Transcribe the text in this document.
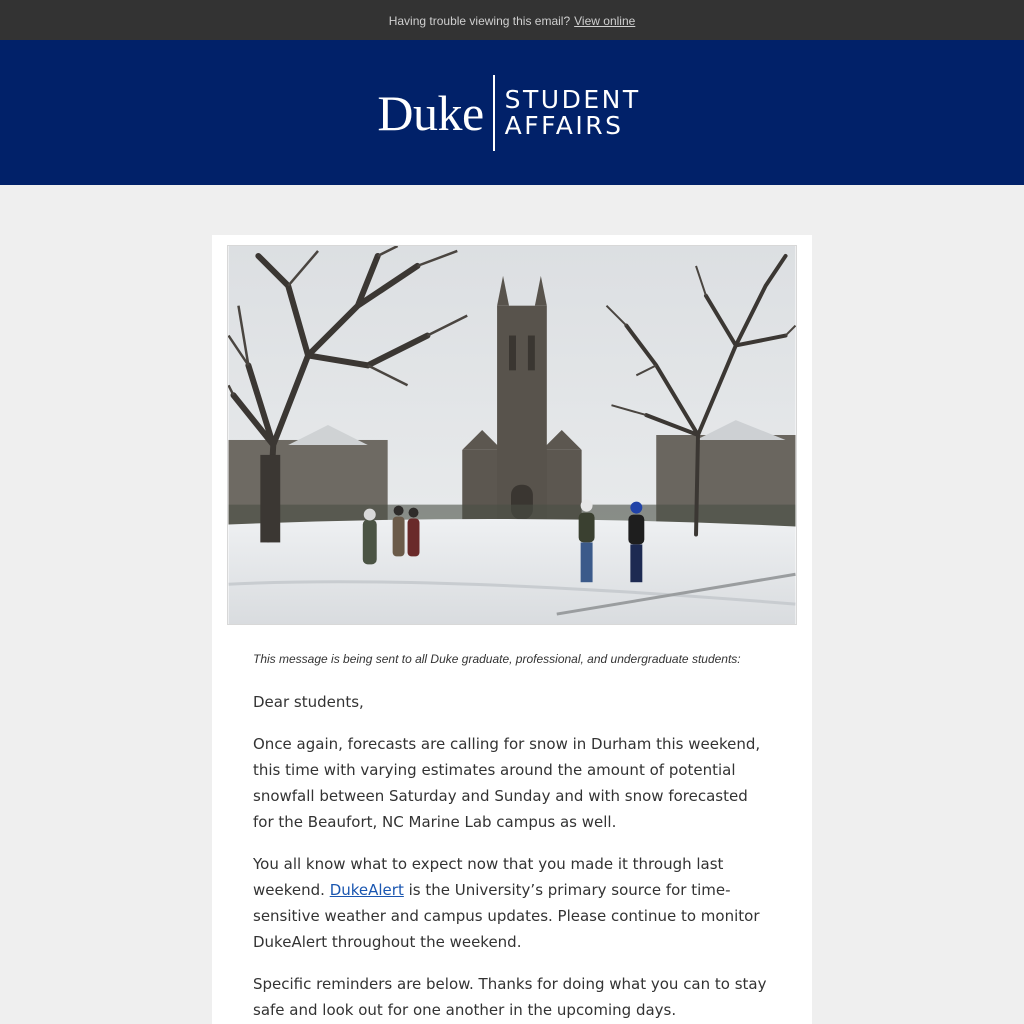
Having trouble viewing this email? View online
Duke STUDENT
AFFAIRS

This message is being sent to all Duke graduate, professional, and undergraduate students:

Dear students,

Once again, forecasts are calling for snow in Durham this weekend, this time with varying estimates around the amount of potential snowfall between Saturday and Sunday and with snow forecasted for the Beaufort, NC Marine Lab campus as well.

You all know what to expect now that you made it through last weekend. DukeAlert is the University’s primary source for time-sensitive weather and campus updates. Please continue to monitor DukeAlert throughout the weekend.

Specific reminders are below. Thanks for doing what you can to stay safe and look out for one another in the upcoming days.
